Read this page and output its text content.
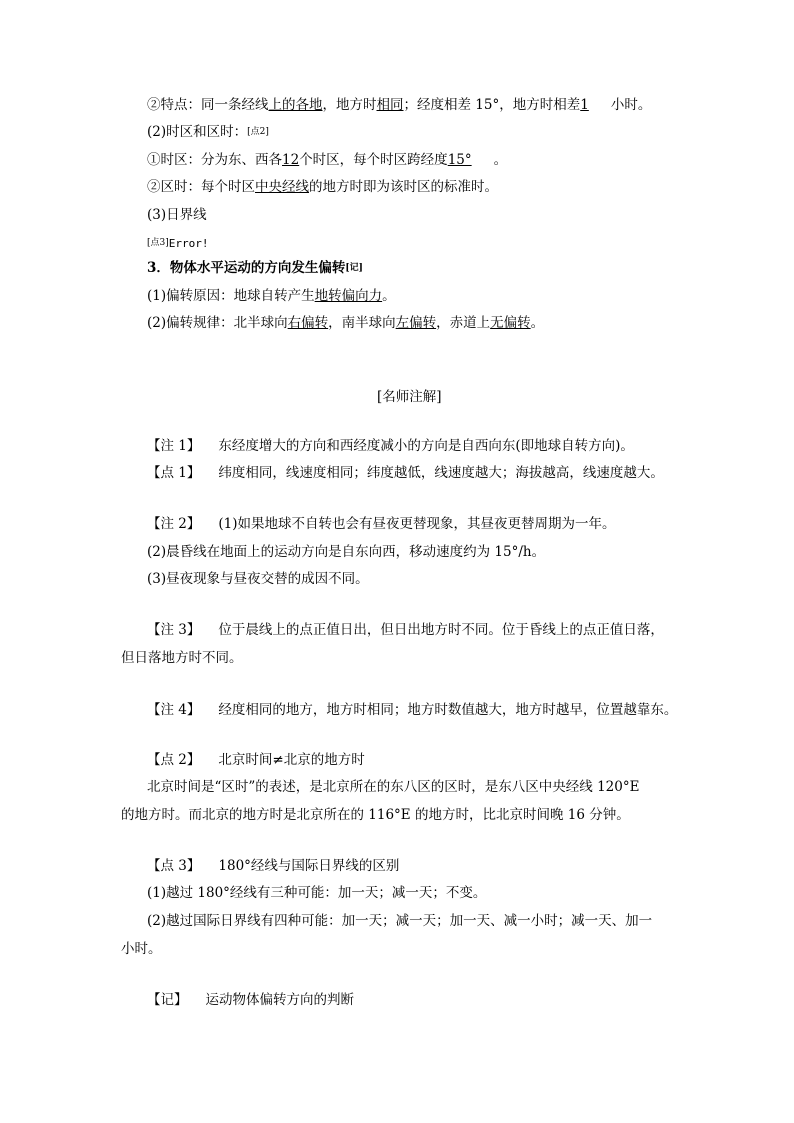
②特点：同一条经线上的各地，地方时相同；经度相差 15°，地方时相差1 小时。
(2)时区和区时：[点2]
①时区：分为东、西各12个时区，每个时区跨经度15° 。
②区时：每个时区中央经线的地方时即为该时区的标准时。
(3)日界线
[点3]Error!
3．物体水平运动的方向发生偏转[记]
(1)偏转原因：地球自转产生地转偏向力。
(2)偏转规律：北半球向右偏转，南半球向左偏转，赤道上无偏转。
[名师注解]
【注 1】 东经度增大的方向和西经度减小的方向是自西向东(即地球自转方向)。
【点 1】 纬度相同，线速度相同；纬度越低，线速度越大；海拔越高，线速度越大。
【注 2】 (1)如果地球不自转也会有昼夜更替现象，其昼夜更替周期为一年。
(2)晨昏线在地面上的运动方向是自东向西，移动速度约为 15°/h。
(3)昼夜现象与昼夜交替的成因不同。
【注 3】 位于晨线上的点正值日出，但日出地方时不同。位于昏线上的点正值日落，
但日落地方时不同。
【注 4】 经度相同的地方，地方时相同；地方时数值越大，地方时越早，位置越靠东。
【点 2】 北京时间≠北京的地方时
北京时间是“区时”的表述，是北京所在的东八区的区时，是东八区中央经线 120°E
的地方时。而北京的地方时是北京所在的 116°E 的地方时，比北京时间晚 16 分钟。
【点 3】 180°经线与国际日界线的区别
(1)越过 180°经线有三种可能：加一天；减一天；不变。
(2)越过国际日界线有四种可能：加一天；减一天；加一天、减一小时；减一天、加一
小时。
【记】 运动物体偏转方向的判断
